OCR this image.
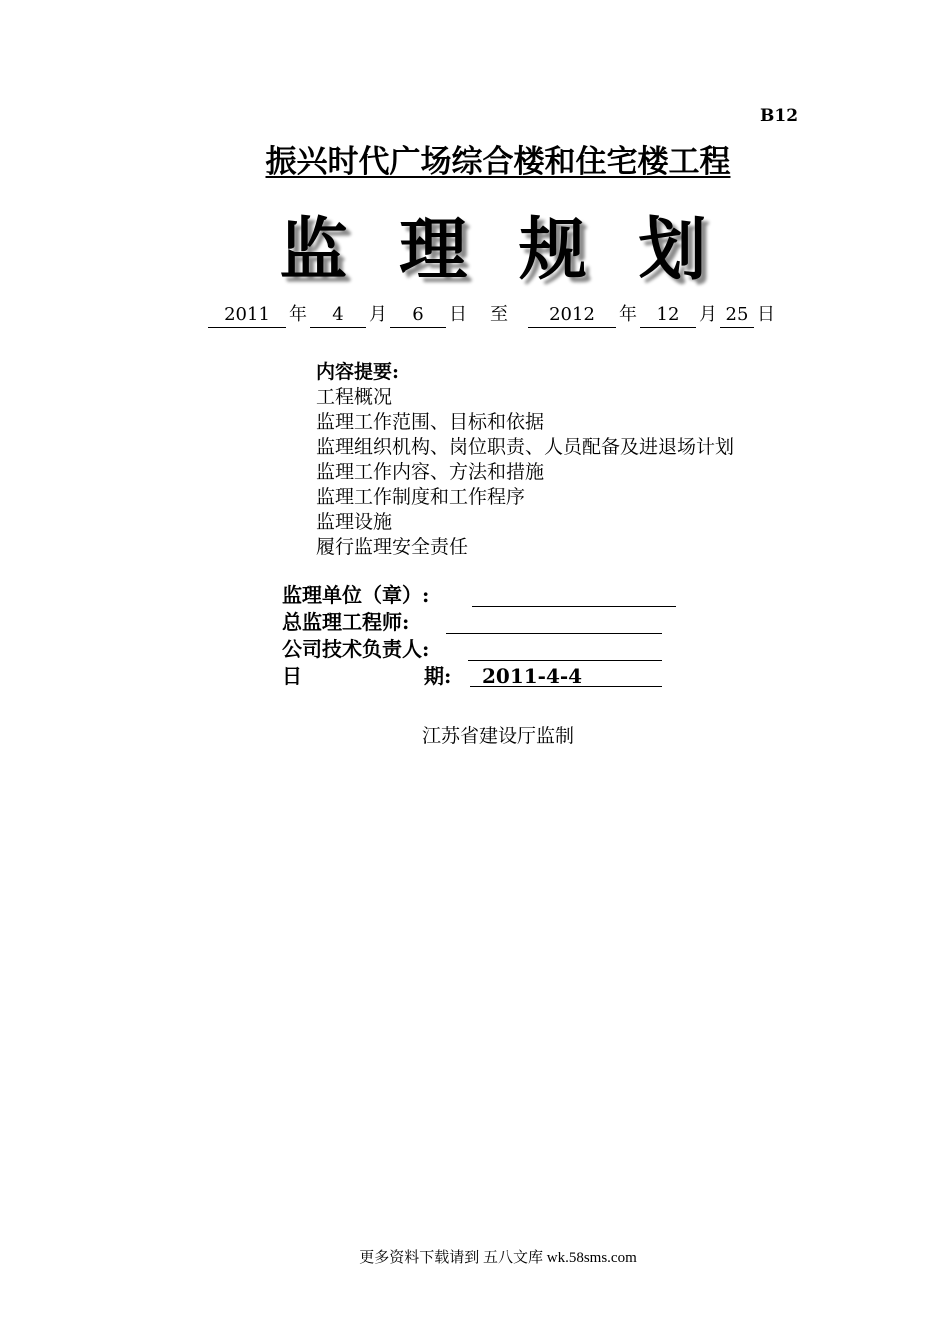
B12
振兴时代广场综合楼和住宅楼工程
监 理 规 划
2011 年 4 月 6 日 至 2012 年 12 月 25 日
内容提要:
工程概况
监理工作范围、目标和依据
监理组织机构、岗位职责、人员配备及进退场计划
监理工作内容、方法和措施
监理工作制度和工作程序
监理设施
履行监理安全责任
监理单位（章）:
总监理工程师:
公司技术负责人:
日	期:	2011-4-4
江苏省建设厅监制
更多资料下载请到 五八文库 wk.58sms.com
